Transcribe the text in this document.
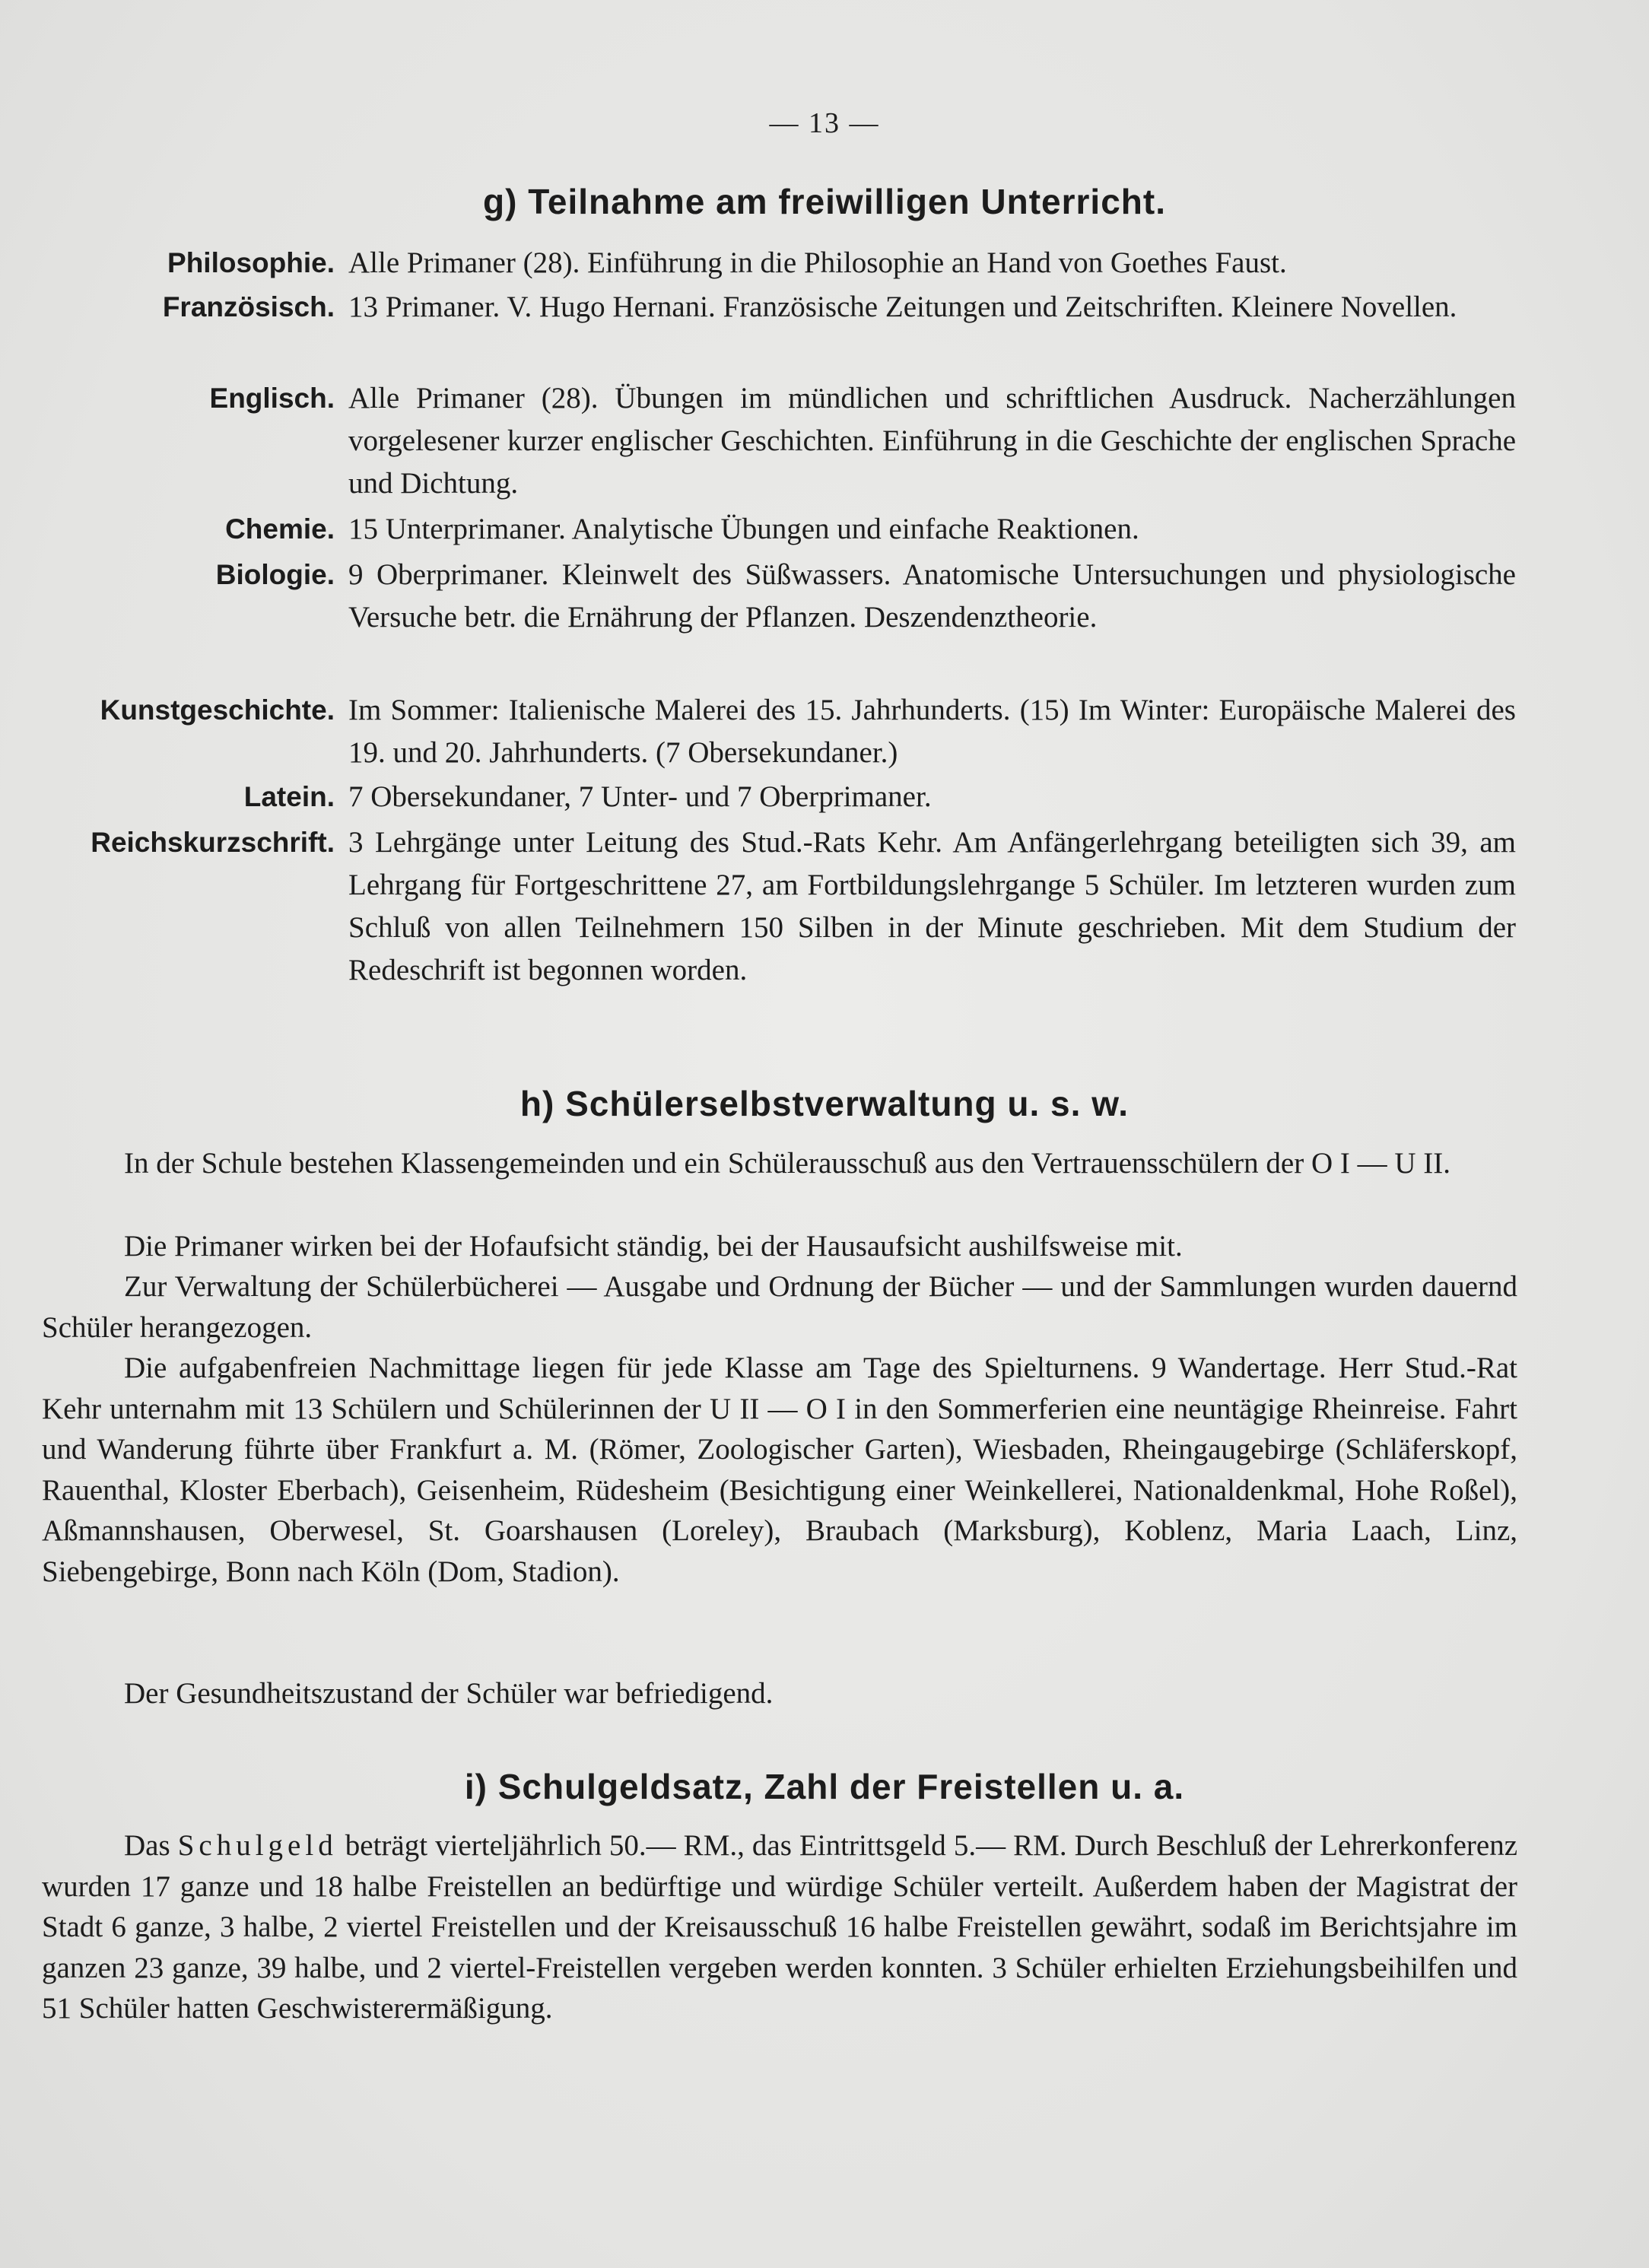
— 13 —
g) Teilnahme am freiwilligen Unterricht.
Philosophie. Alle Primaner (28). Einführung in die Philosophie an Hand von Goethes Faust.
Französisch. 13 Primaner. V. Hugo Hernani. Französische Zeitungen und Zeitschriften. Kleinere Novellen.
Englisch. Alle Primaner (28). Übungen im mündlichen und schriftlichen Ausdruck. Nacherzählungen vorgelesener kurzer englischer Geschichten. Einführung in die Geschichte der englischen Sprache und Dichtung.
Chemie. 15 Unterprimaner. Analytische Übungen und einfache Reaktionen.
Biologie. 9 Oberprimaner. Kleinwelt des Süßwassers. Anatomische Untersuchungen und physiologische Versuche betr. die Ernährung der Pflanzen. Deszendenztheorie.
Kunstgeschichte. Im Sommer: Italienische Malerei des 15. Jahrhunderts. (15) Im Winter: Europäische Malerei des 19. und 20. Jahrhunderts. (7 Obersekundaner.)
Latein. 7 Obersekundaner, 7 Unter- und 7 Oberprimaner.
Reichskurzschrift. 3 Lehrgänge unter Leitung des Stud.-Rats Kehr. Am Anfängerlehrgang beteiligten sich 39, am Lehrgang für Fortgeschrittene 27, am Fortbildungslehrgange 5 Schüler. Im letzteren wurden zum Schluß von allen Teilnehmern 150 Silben in der Minute geschrieben. Mit dem Studium der Redeschrift ist begonnen worden.
h) Schülerselbstverwaltung u. s. w.

In der Schule bestehen Klassengemeinden und ein Schülerausschuß aus den Vertrauensschülern der O I — U II.

Die Primaner wirken bei der Hofaufsicht ständig, bei der Hausaufsicht aushilfsweise mit.

Zur Verwaltung der Schülerbücherei — Ausgabe und Ordnung der Bücher — und der Sammlungen wurden dauernd Schüler herangezogen.

Die aufgabenfreien Nachmittage liegen für jede Klasse am Tage des Spielturnens. 9 Wandertage. Herr Stud.-Rat Kehr unternahm mit 13 Schülern und Schülerinnen der U II — O I in den Sommerferien eine neuntägige Rheinreise. Fahrt und Wanderung führte über Frankfurt a. M. (Römer, Zoologischer Garten), Wiesbaden, Rheingaugebirge (Schläferskopf, Rauenthal, Kloster Eberbach), Geisenheim, Rüdesheim (Besichtigung einer Weinkellerei, Nationaldenkmal, Hohe Roßel), Aßmannshausen, Oberwesel, St. Goarshausen (Loreley), Braubach (Marksburg), Koblenz, Maria Laach, Linz, Siebengebirge, Bonn nach Köln (Dom, Stadion).

Der Gesundheitszustand der Schüler war befriedigend.

i) Schulgeldsatz, Zahl der Freistellen u. a.

Das Schulgeld beträgt vierteljährlich 50.— RM., das Eintrittsgeld 5.— RM. Durch Beschluß der Lehrerkonferenz wurden 17 ganze und 18 halbe Freistellen an bedürftige und würdige Schüler verteilt. Außerdem haben der Magistrat der Stadt 6 ganze, 3 halbe, 2 viertel Freistellen und der Kreisausschuß 16 halbe Freistellen gewährt, sodaß im Berichtsjahre im ganzen 23 ganze, 39 halbe, und 2 viertel-Freistellen vergeben werden konnten. 3 Schüler erhielten Erziehungsbeihilfen und 51 Schüler hatten Geschwisterermäßigung.
